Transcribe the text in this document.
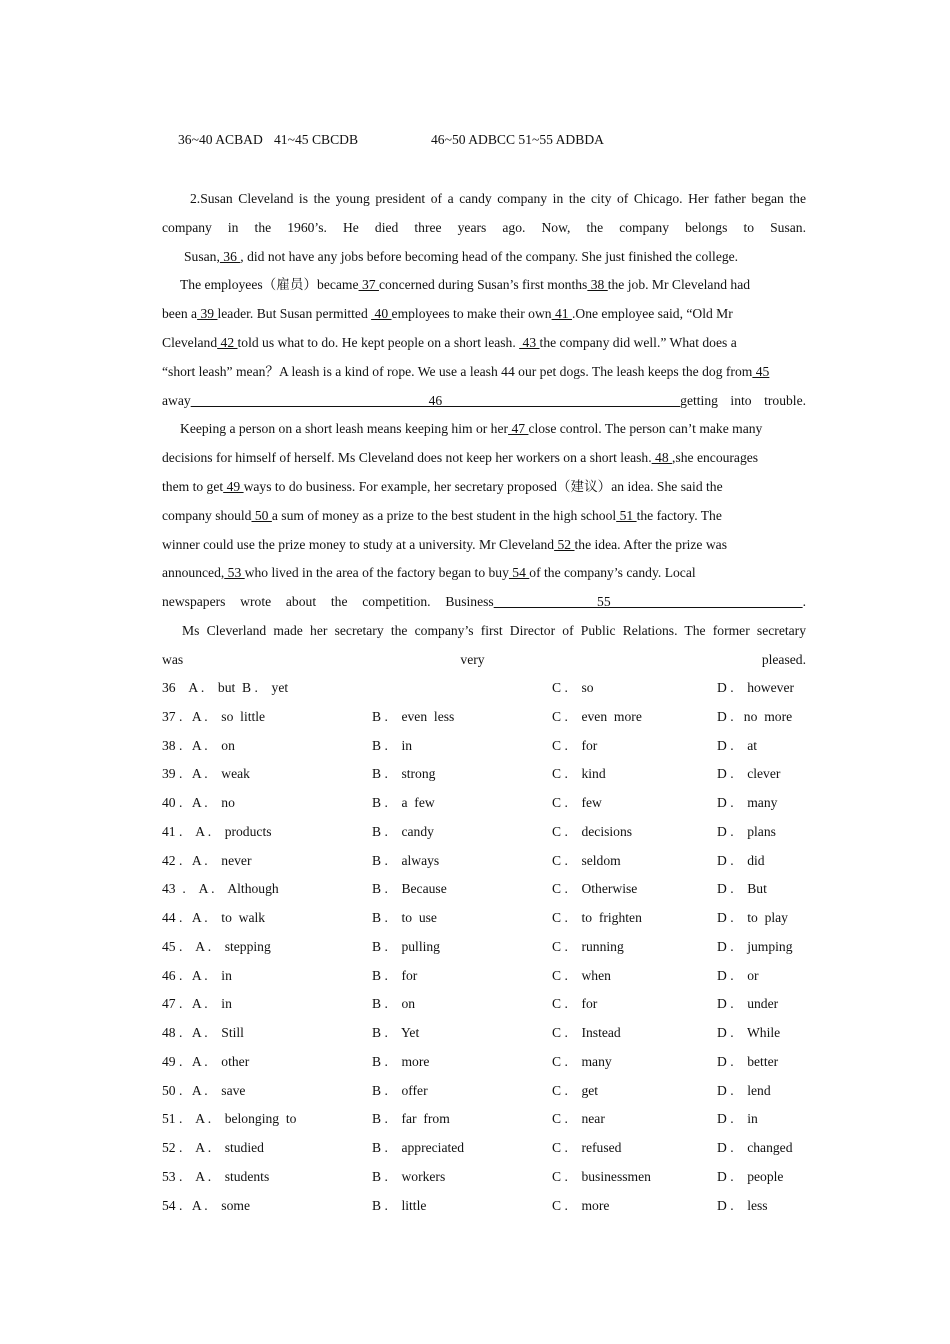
36~40 ACBAD 41~45 CBCDB	46~50 ADBCC 51~55 ADBDA
2.Susan Cleveland is the young president of a candy company in the city of Chicago. Her father began the
company in the 1960’s. He died three years ago. Now, the company belongs to Susan.
Susan, 36 , did not have any jobs before becoming head of the company. She just finished the college.
The employees（雇员）became 37 concerned during Susan’s first months 38 the job. Mr Cleveland had
been a 39 leader. But Susan permitted  40 employees to make their own 41 .One employee said, “Old Mr
Cleveland 42 told us what to do. He kept people on a short leash.  43 the company did well.” What does a
“short leash” mean？A leash is a kind of rope. We use a leash 44 our pet dogs. The leash keeps the dog from 45
away                   46                   getting into trouble.
Keeping a person on a short leash means keeping him or her 47 close control. The person can’t make many
decisions for himself of herself. Ms Cleveland does not keep her workers on a short leash. 48 ,she encourages
them to get 49 ways to do business. For example, her secretary proposed（建议）an idea. She said the
company should 50 a sum of money as a prize to the best student in the high school 51 the factory. The
winner could use the prize money to study at a university. Mr Cleveland 52 the idea. After the prize was
announced, 53 who lived in the area of the factory began to buy 54 of the company’s candy. Local
newspapers wrote about the competition. Business       55             .
Ms Cleverland made her secretary the company’s first Director of Public Relations. The former secretary
was very pleased.
36    A .    but  B .    yet	C .    so	D .    however
37 .   A .    so  little	B .    even  less	C .    even  more	D .   no  more
38 .   A .    on	B .    in	C .    for	D .    at
39 .   A .    weak	B .    strong	C .    kind	D .    clever
40 .   A .    no	B .    a  few	C .    few	D .    many
41 .    A .    products	B .    candy	C .    decisions	D .    plans
42 .   A .    never	B .    always	C .    seldom	D .    did
43  .    A .    Although	B .    Because	C .    Otherwise	D .    But
44 .   A .    to  walk	B .    to  use	C .    to  frighten	D .    to  play
45 .    A .    stepping	B .    pulling	C .    running	D .    jumping
46 .   A .    in	B .    for	C .    when	D .    or
47 .   A .    in	B .    on	C .    for	D .    under
48 .   A .    Still	B .    Yet	C .    Instead	D .    While
49 .   A .    other	B .    more	C .    many	D .    better
50 .   A .    save	B .    offer	C .    get	D .    lend
51 .    A .    belonging  to	B .    far  from	C .    near	D .    in
52 .    A .    studied	B .    appreciated	C .    refused	D .    changed
53 .    A .    students	B .    workers	C .    businessmen	D .    people
54 .   A .    some	B .    little	C .    more	D .    less
